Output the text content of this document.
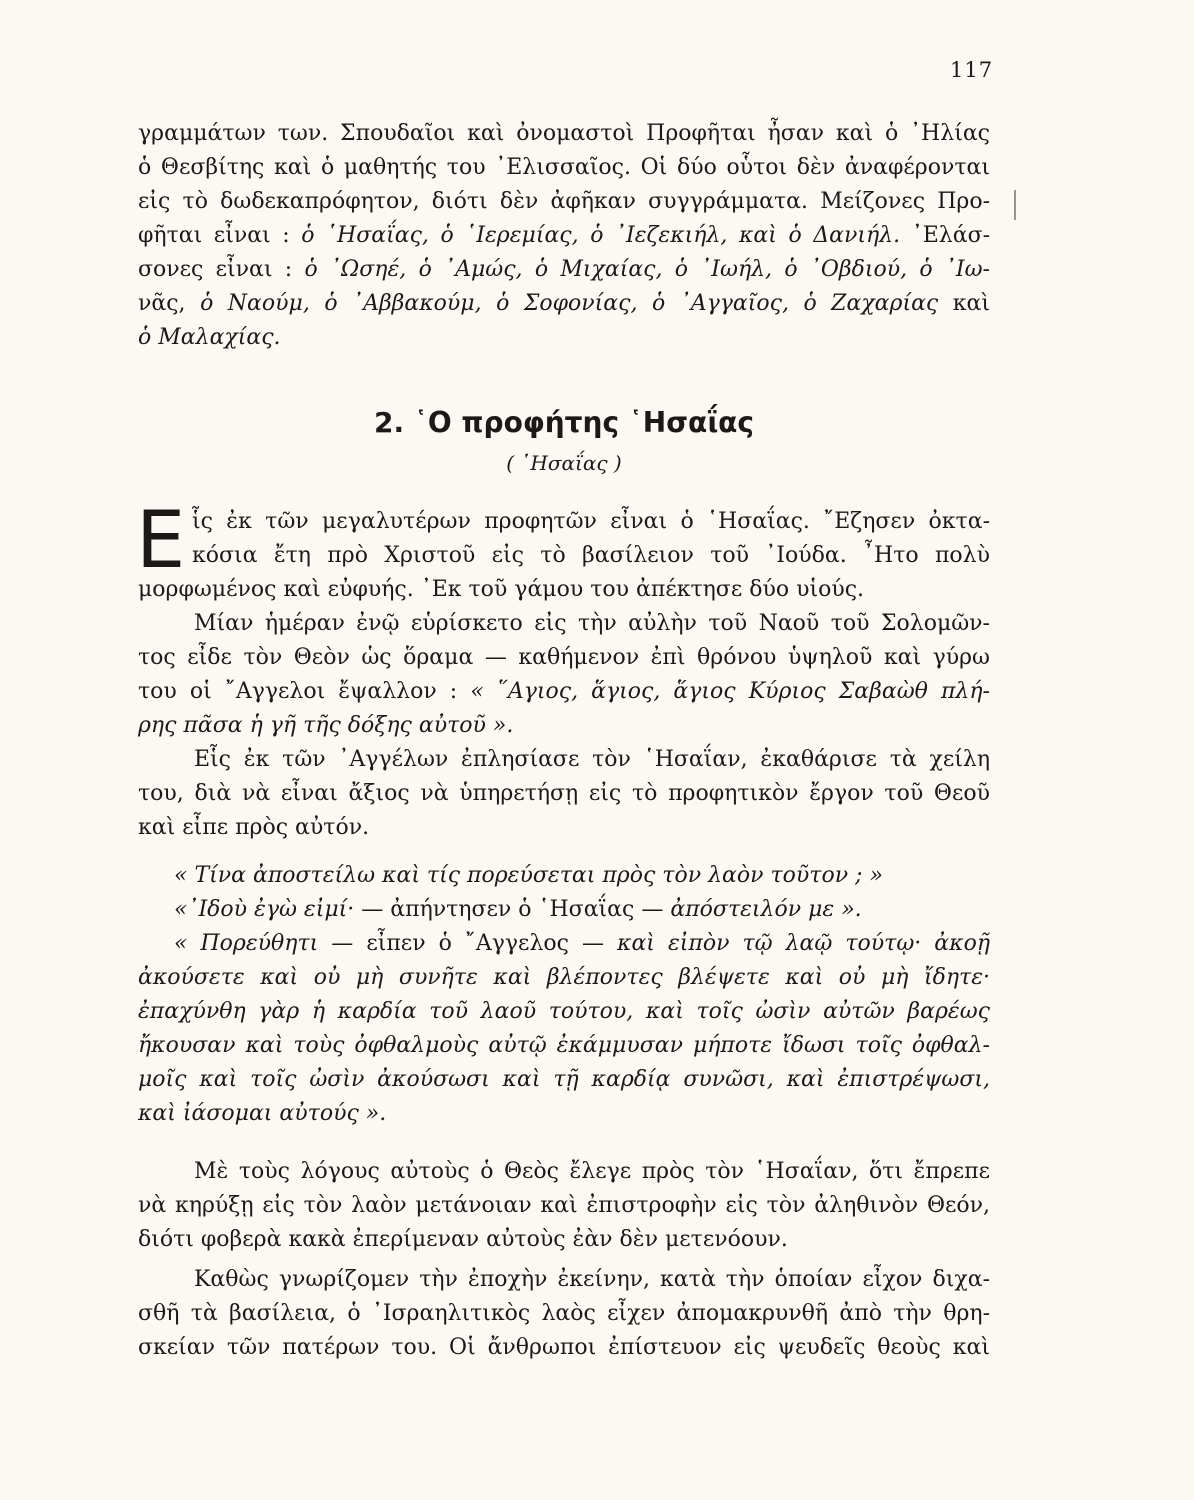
117
γραμμάτων των. Σπουδαῖοι καὶ ὀνομαστοὶ Προφῆται ἦσαν καὶ ὁ ᾿Ηλίας
ὁ Θεσβίτης καὶ ὁ μαθητής του ᾿Ελισσαῖος. Οἱ δύο οὗτοι δὲν ἀναφέρονται
εἰς τὸ δωδεκαπρόφητον, διότι δὲν ἀφῆκαν συγγράμματα. Μείζονες Προ-
φῆται εἶναι : ὁ ῾Ησαΐας, ὁ ῾Ιερεμίας, ὁ ᾿Ιεζεκιήλ, καὶ ὁ Δανιήλ. ᾿Ελάσ-
σονες εἶναι : ὁ ᾿Ωσηέ, ὁ ᾿Αμώς, ὁ Μιχαίας, ὁ ᾿Ιωήλ, ὁ ᾿Οβδιού, ὁ ᾿Ιω-
νᾶς, ὁ Ναούμ, ὁ ᾿Αββακούμ, ὁ Σοφονίας, ὁ ᾿Αγγαῖος, ὁ Ζαχαρίας καὶ
ὁ Μαλαχίας.
2. ῾Ο προφήτης ῾Ησαΐας
( ῾Ησαΐας )
Ε ἷς ἐκ τῶν μεγαλυτέρων προφητῶν εἶναι ὁ ῾Ησαΐας. ῎Εζησεν ὀκτα-
κόσια ἔτη πρὸ Χριστοῦ εἰς τὸ βασίλειον τοῦ ᾿Ιούδα. ῏Ητο πολὺ
μορφωμένος καὶ εὐφυής. ᾿Εκ τοῦ γάμου του ἀπέκτησε δύο υἱούς.
Μίαν ἡμέραν ἐνῷ εὑρίσκετο εἰς τὴν αὐλὴν τοῦ Ναοῦ τοῦ Σολομῶν-
τος εἶδε τὸν Θεὸν ὡς ὅραμα — καθήμενον ἐπὶ θρόνου ὑψηλοῦ καὶ γύρω
του οἱ ῎Αγγελοι ἔψαλλον : « ῞Αγιος, ἅγιος, ἅγιος Κύριος Σαβαὼθ πλή-
ρης πᾶσα ἡ γῆ τῆς δόξης αὐτοῦ ».
Εἷς ἐκ τῶν ᾿Αγγέλων ἐπλησίασε τὸν ῾Ησαΐαν, ἐκαθάρισε τὰ χείλη
του, διὰ νὰ εἶναι ἄξιος νὰ ὑπηρετήσῃ εἰς τὸ προφητικὸν ἔργον τοῦ Θεοῦ
καὶ εἶπε πρὸς αὐτόν.
« Τίνα ἀποστείλω καὶ τίς πορεύσεται πρὸς τὸν λαὸν τοῦτον ; »
«᾿Ιδοὺ ἐγὼ εἰμί· — ἀπήντησεν ὁ ῾Ησαΐας — ἀπόστειλόν με ».
« Πορεύθητι — εἶπεν ὁ ῎Αγγελος — καὶ εἰπὸν τῷ λαῷ τούτῳ· ἀκοῇ
ἀκούσετε καὶ οὐ μὴ συνῆτε καὶ βλέποντες βλέψετε καὶ οὐ μὴ ἴδητε·
ἐπαχύνθη γὰρ ἡ καρδία τοῦ λαοῦ τούτου, καὶ τοῖς ὠσὶν αὐτῶν βαρέως
ἤκουσαν καὶ τοὺς ὀφθαλμοὺς αὐτῷ ἐκάμμυσαν μήποτε ἴδωσι τοῖς ὀφθαλ-
μοῖς καὶ τοῖς ὠσὶν ἀκούσωσι καὶ τῇ καρδίᾳ συνῶσι, καὶ ἐπιστρέψωσι,
καὶ ἰάσομαι αὐτούς ».
Μὲ τοὺς λόγους αὐτοὺς ὁ Θεὸς ἔλεγε πρὸς τὸν ῾Ησαΐαν, ὅτι ἔπρεπε
νὰ κηρύξῃ εἰς τὸν λαὸν μετάνοιαν καὶ ἐπιστροφὴν εἰς τὸν ἀληθινὸν Θεόν,
διότι φοβερὰ κακὰ ἐπερίμεναν αὐτοὺς ἐὰν δὲν μετενόουν.
Καθὼς γνωρίζομεν τὴν ἐποχὴν ἐκείνην, κατὰ τὴν ὁποίαν εἶχον διχα-
σθῆ τὰ βασίλεια, ὁ ᾿Ισραηλιτικὸς λαὸς εἶχεν ἀπομακρυνθῆ ἀπὸ τὴν θρη-
σκείαν τῶν πατέρων του. Οἱ ἄνθρωποι ἐπίστευον εἰς ψευδεῖς θεοὺς καὶ
